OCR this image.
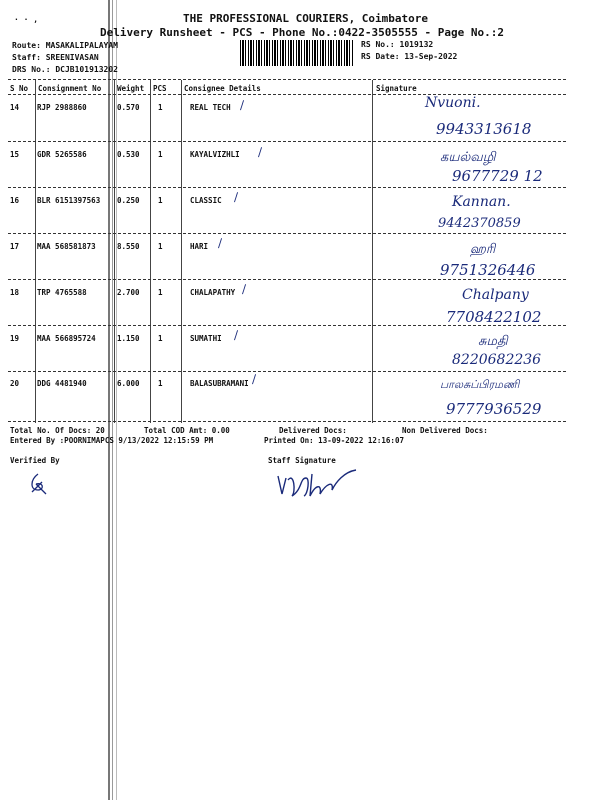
· · ,	THE PROFESSIONAL COURIERS, Coimbatore
Delivery Runsheet - PCS - Phone No.:0422-3505555 - Page No.:2
Route: MASAKALIPALAYAM
Staff: SREENIVASAN
DRS No.: DCJB101913202
RS No.: 1019132
RS Date: 13-Sep-2022
S No Consignment No Weight PCS Consignee Details	Signature
14 RJP 2988860	0.570 1	REAL TECH ∕	Nvuoni.
9943313618
15 GDR 5265586	0.530 1	KAYALVIZHLI ∕	கயல்வழி
9677729 12
16 BLR 6151397563 0.250 1	CLASSIC ∕	Kannan.
9442370859
17 MAA 568581873	8.550 1	HARI ∕	ஹரி
9751326446
18 TRP 4765588	2.700 1	CHALAPATHY ∕	Chalpany
7708422102
19 MAA 566895724	1.150 1	SUMATHI ∕	சுமதி
8220682236
20 DDG 4481940	6.000 1	BALASUBRAMANI ∕	பாலசுப்பிரமணி
9777936529
Total No. Of Docs: 20	Total COD Amt: 0.00	Delivered Docs:	Non Delivered Docs:
Entered By :POORNIMAPCS 9/13/2022 12:15:59 PM	Printed On: 13-09-2022 12:16:07
Verified By	Staff Signature
